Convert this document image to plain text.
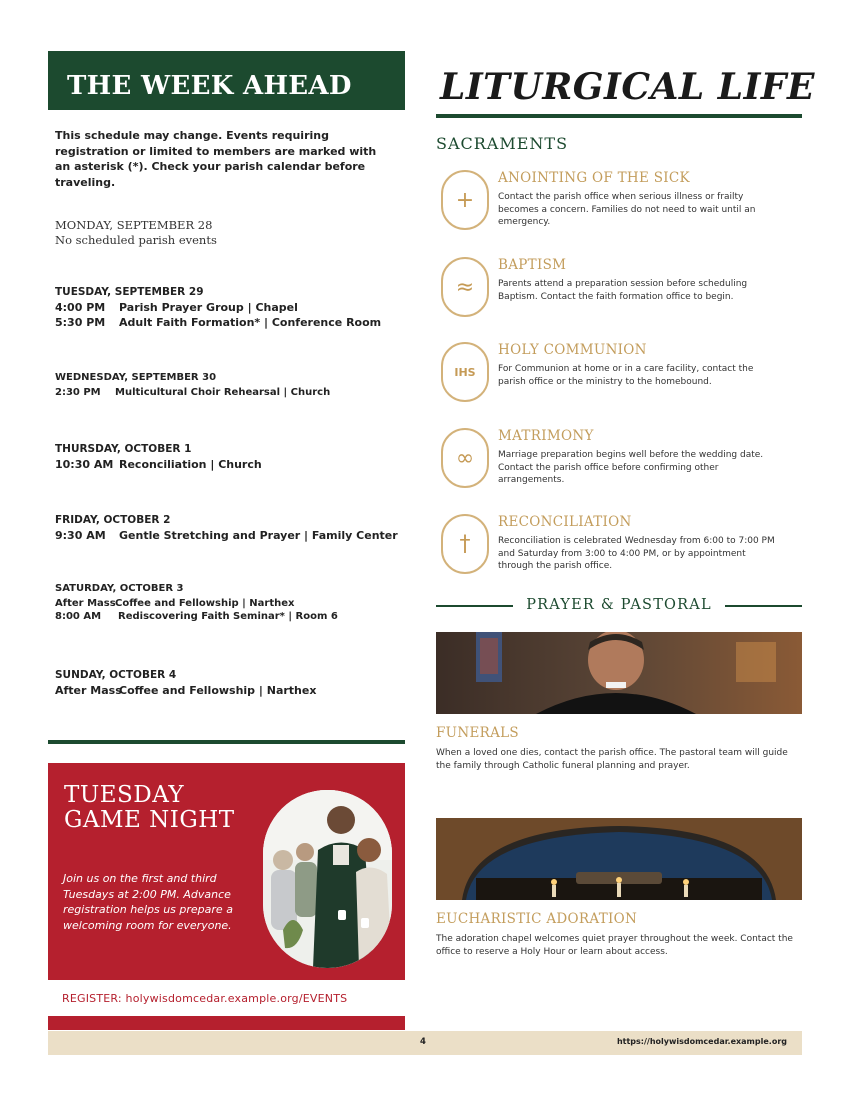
THE WEEK AHEAD
This schedule may change. Events requiring registration or limited to members are marked with an asterisk (*). Check your parish calendar before traveling.
MONDAY, SEPTEMBER 28
No scheduled parish events
TUESDAY, SEPTEMBER 29
4:00 PM Parish Prayer Group | Chapel
5:30 PM Adult Faith Formation* | Conference Room
WEDNESDAY, SEPTEMBER 30
2:30 PM Multicultural Choir Rehearsal | Church
THURSDAY, OCTOBER 1
10:30 AM Reconciliation | Church
FRIDAY, OCTOBER 2
9:30 AM Gentle Stretching and Prayer | Family Center
SATURDAY, OCTOBER 3
After MassCoffee and Fellowship | Narthex
8:00 AM Rediscovering Faith Seminar* | Room 6
SUNDAY, OCTOBER 4
After MassCoffee and Fellowship | Narthex
TUESDAY
GAME NIGHT
Join us on the first and third Tuesdays at 2:00 PM. Advance registration helps us prepare a welcoming room for everyone.
REGISTER: holywisdomcedar.example.org/EVENTS
LITURGICAL LIFE
SACRAMENTS
+
ANOINTING OF THE SICK
Contact the parish office when serious illness or frailty becomes a concern. Families do not need to wait until an emergency.
≈
BAPTISM
Parents attend a preparation session before scheduling Baptism. Contact the faith formation office to begin.
IHS
HOLY COMMUNION
For Communion at home or in a care facility, contact the parish office or the ministry to the homebound.
∞
MATRIMONY
Marriage preparation begins well before the wedding date. Contact the parish office before confirming other arrangements.
†
RECONCILIATION
Reconciliation is celebrated Wednesday from 6:00 to 7:00 PM and Saturday from 3:00 to 4:00 PM, or by appointment through the parish office.
PRAYER & PASTORAL
FUNERALS
When a loved one dies, contact the parish office. The pastoral team will guide the family through Catholic funeral planning and prayer.
EUCHARISTIC ADORATION
The adoration chapel welcomes quiet prayer throughout the week. Contact the office to reserve a Holy Hour or learn about access.
4	https://holywisdomcedar.example.org
